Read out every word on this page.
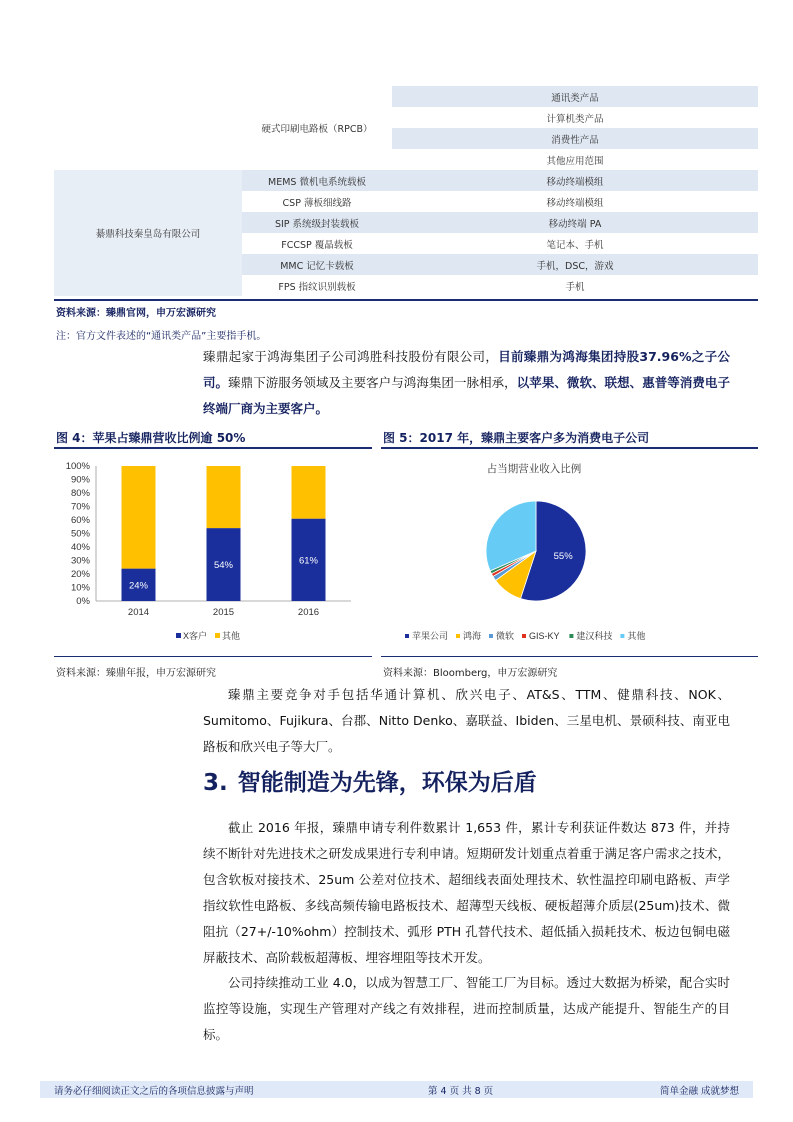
	硬式印刷电路板（RPCB）	通讯类产品
		计算机类产品
		消费性产品
		其他应用范围
綦鼎科技秦皇岛有限公司	MEMS 微机电系统载板	移动终端模组
	CSP 薄板细线路	移动终端模组
	SIP 系统级封装载板	移动终端 PA
	FCCSP 覆晶载板	笔记本、手机
	MMC 记忆卡载板	手机，DSC，游戏
	FPS 指纹识别载板	手机
资料来源：臻鼎官网，申万宏源研究
注：官方文件表述的“通讯类产品”主要指手机。
臻鼎起家于鸿海集团子公司鸿胜科技股份有限公司，目前臻鼎为鸿海集团持股37.96%之子公司。臻鼎下游服务领域及主要客户与鸿海集团一脉相承，以苹果、微软、联想、惠普等消费电子终端厂商为主要客户。
图 4：苹果占臻鼎营收比例逾 50%
0%
10%
20%
30%
40%
50%
60%
70%
80%
90%
100%
24%
2014
54%
2015
61%
2016
X客户 其他
资料来源：臻鼎年报，申万宏源研究
图 5：2017 年，臻鼎主要客户多为消费电子公司
占当期营业收入比例
55%
苹果公司 鸿海 微软 GIS-KY 建汉科技 其他
资料来源：Bloomberg，申万宏源研究
臻鼎主要竞争对手包括华通计算机、欣兴电子、AT&S、TTM、健鼎科技、NOK、Sumitomo、Fujikura、台郡、Nitto Denko、嘉联益、Ibiden、三星电机、景硕科技、南亚电路板和欣兴电子等大厂。
3. 智能制造为先锋，环保为后盾
截止 2016 年报，臻鼎申请专利件数累计 1,653 件，累计专利获证件数达 873 件，并持续不断针对先进技术之研发成果进行专利申请。短期研发计划重点着重于满足客户需求之技术，包含软板对接技术、25um 公差对位技术、超细线表面处理技术、软性温控印刷电路板、声学指纹软性电路板、多线高频传输电路板技术、超薄型天线板、硬板超薄介质层(25um)技术、微阻抗（27+/-10%ohm）控制技术、弧形 PTH 孔替代技术、超低插入损耗技术、板边包铜电磁屏蔽技术、高阶载板超薄板、埋容埋阻等技术开发。
公司持续推动工业 4.0，以成为智慧工厂、智能工厂为目标。透过大数据为桥梁，配合实时监控等设施，实现生产管理对产线之有效排程，进而控制质量，达成产能提升、智能生产的目标。
请务必仔细阅读正文之后的各项信息披露与声明	第 4 页 共 8 页	简单金融 成就梦想
